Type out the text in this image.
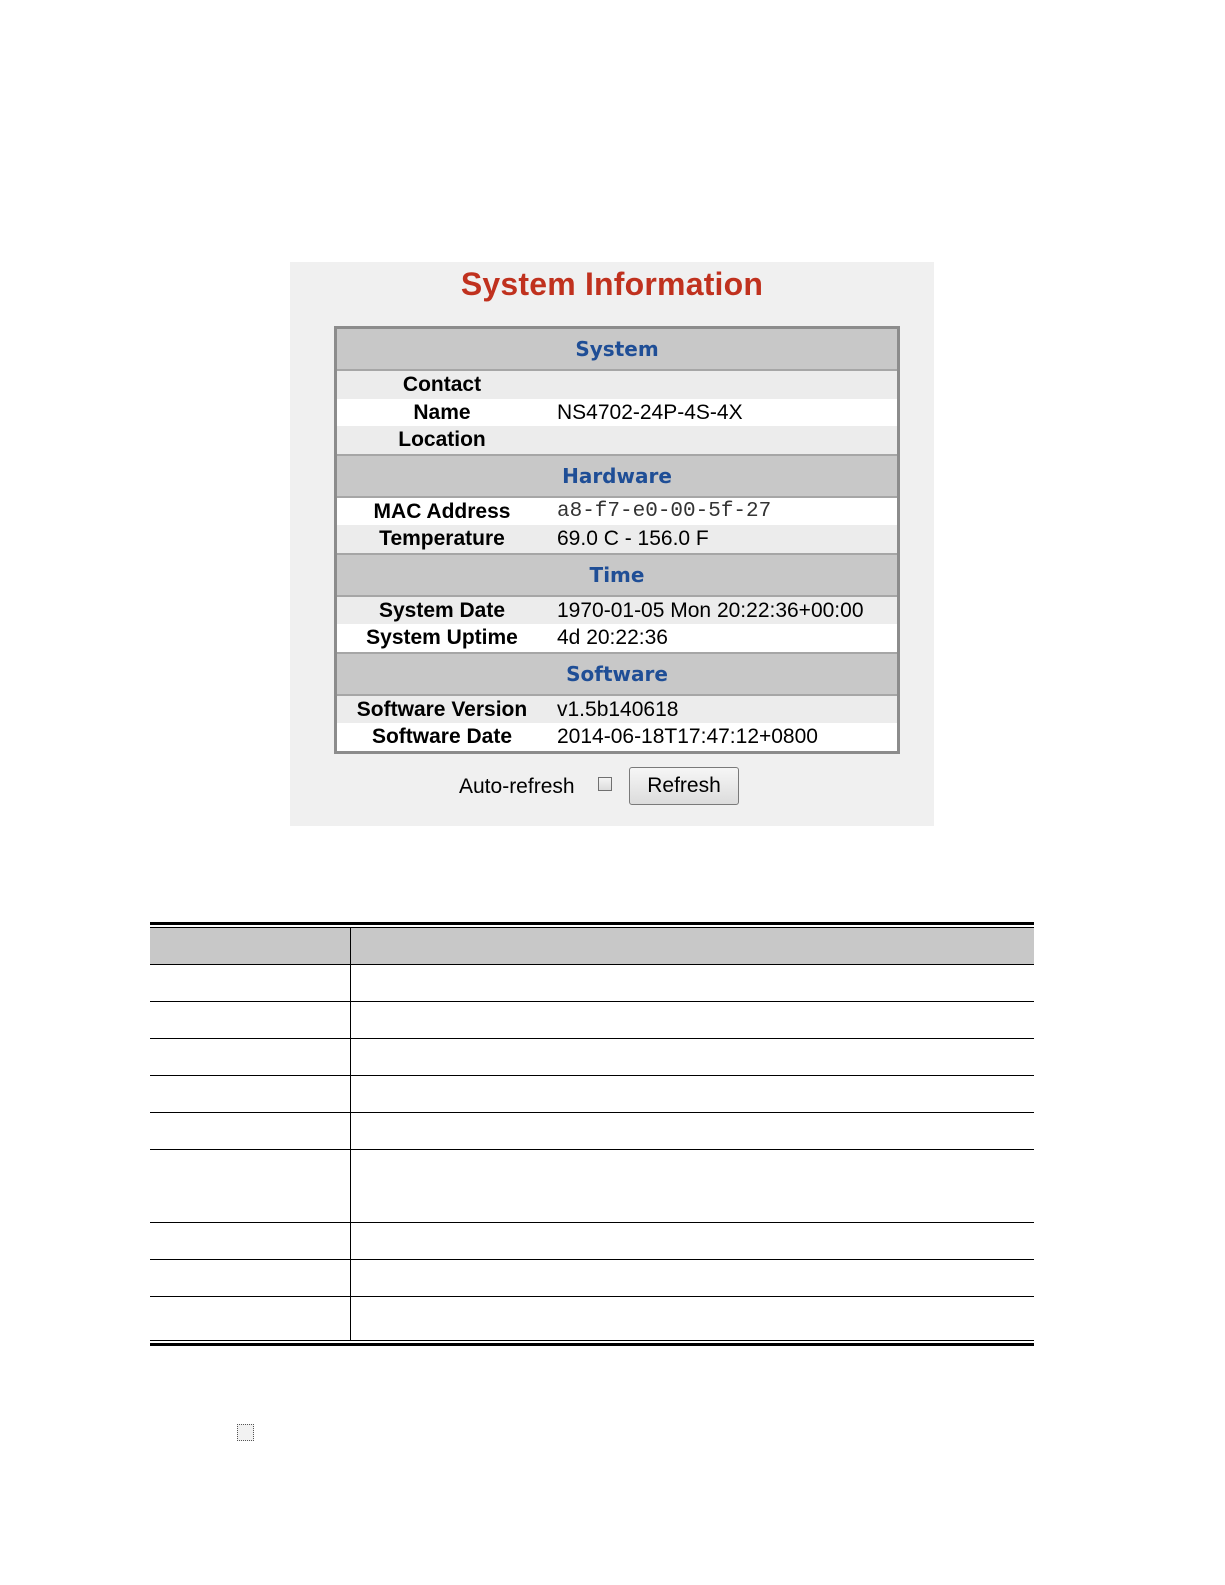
System Information
System
Contact
Name	NS4702-24P-4S-4X
Location
Hardware
MAC Address	a8-f7-e0-00-5f-27
Temperature	69.0 C - 156.0 F
Time
System Date	1970-01-05 Mon 20:22:36+00:00
System Uptime	4d 20:22:36
Software
Software Version	v1.5b140618
Software Date	2014-06-18T17:47:12+0800
Auto-refresh	Refresh
